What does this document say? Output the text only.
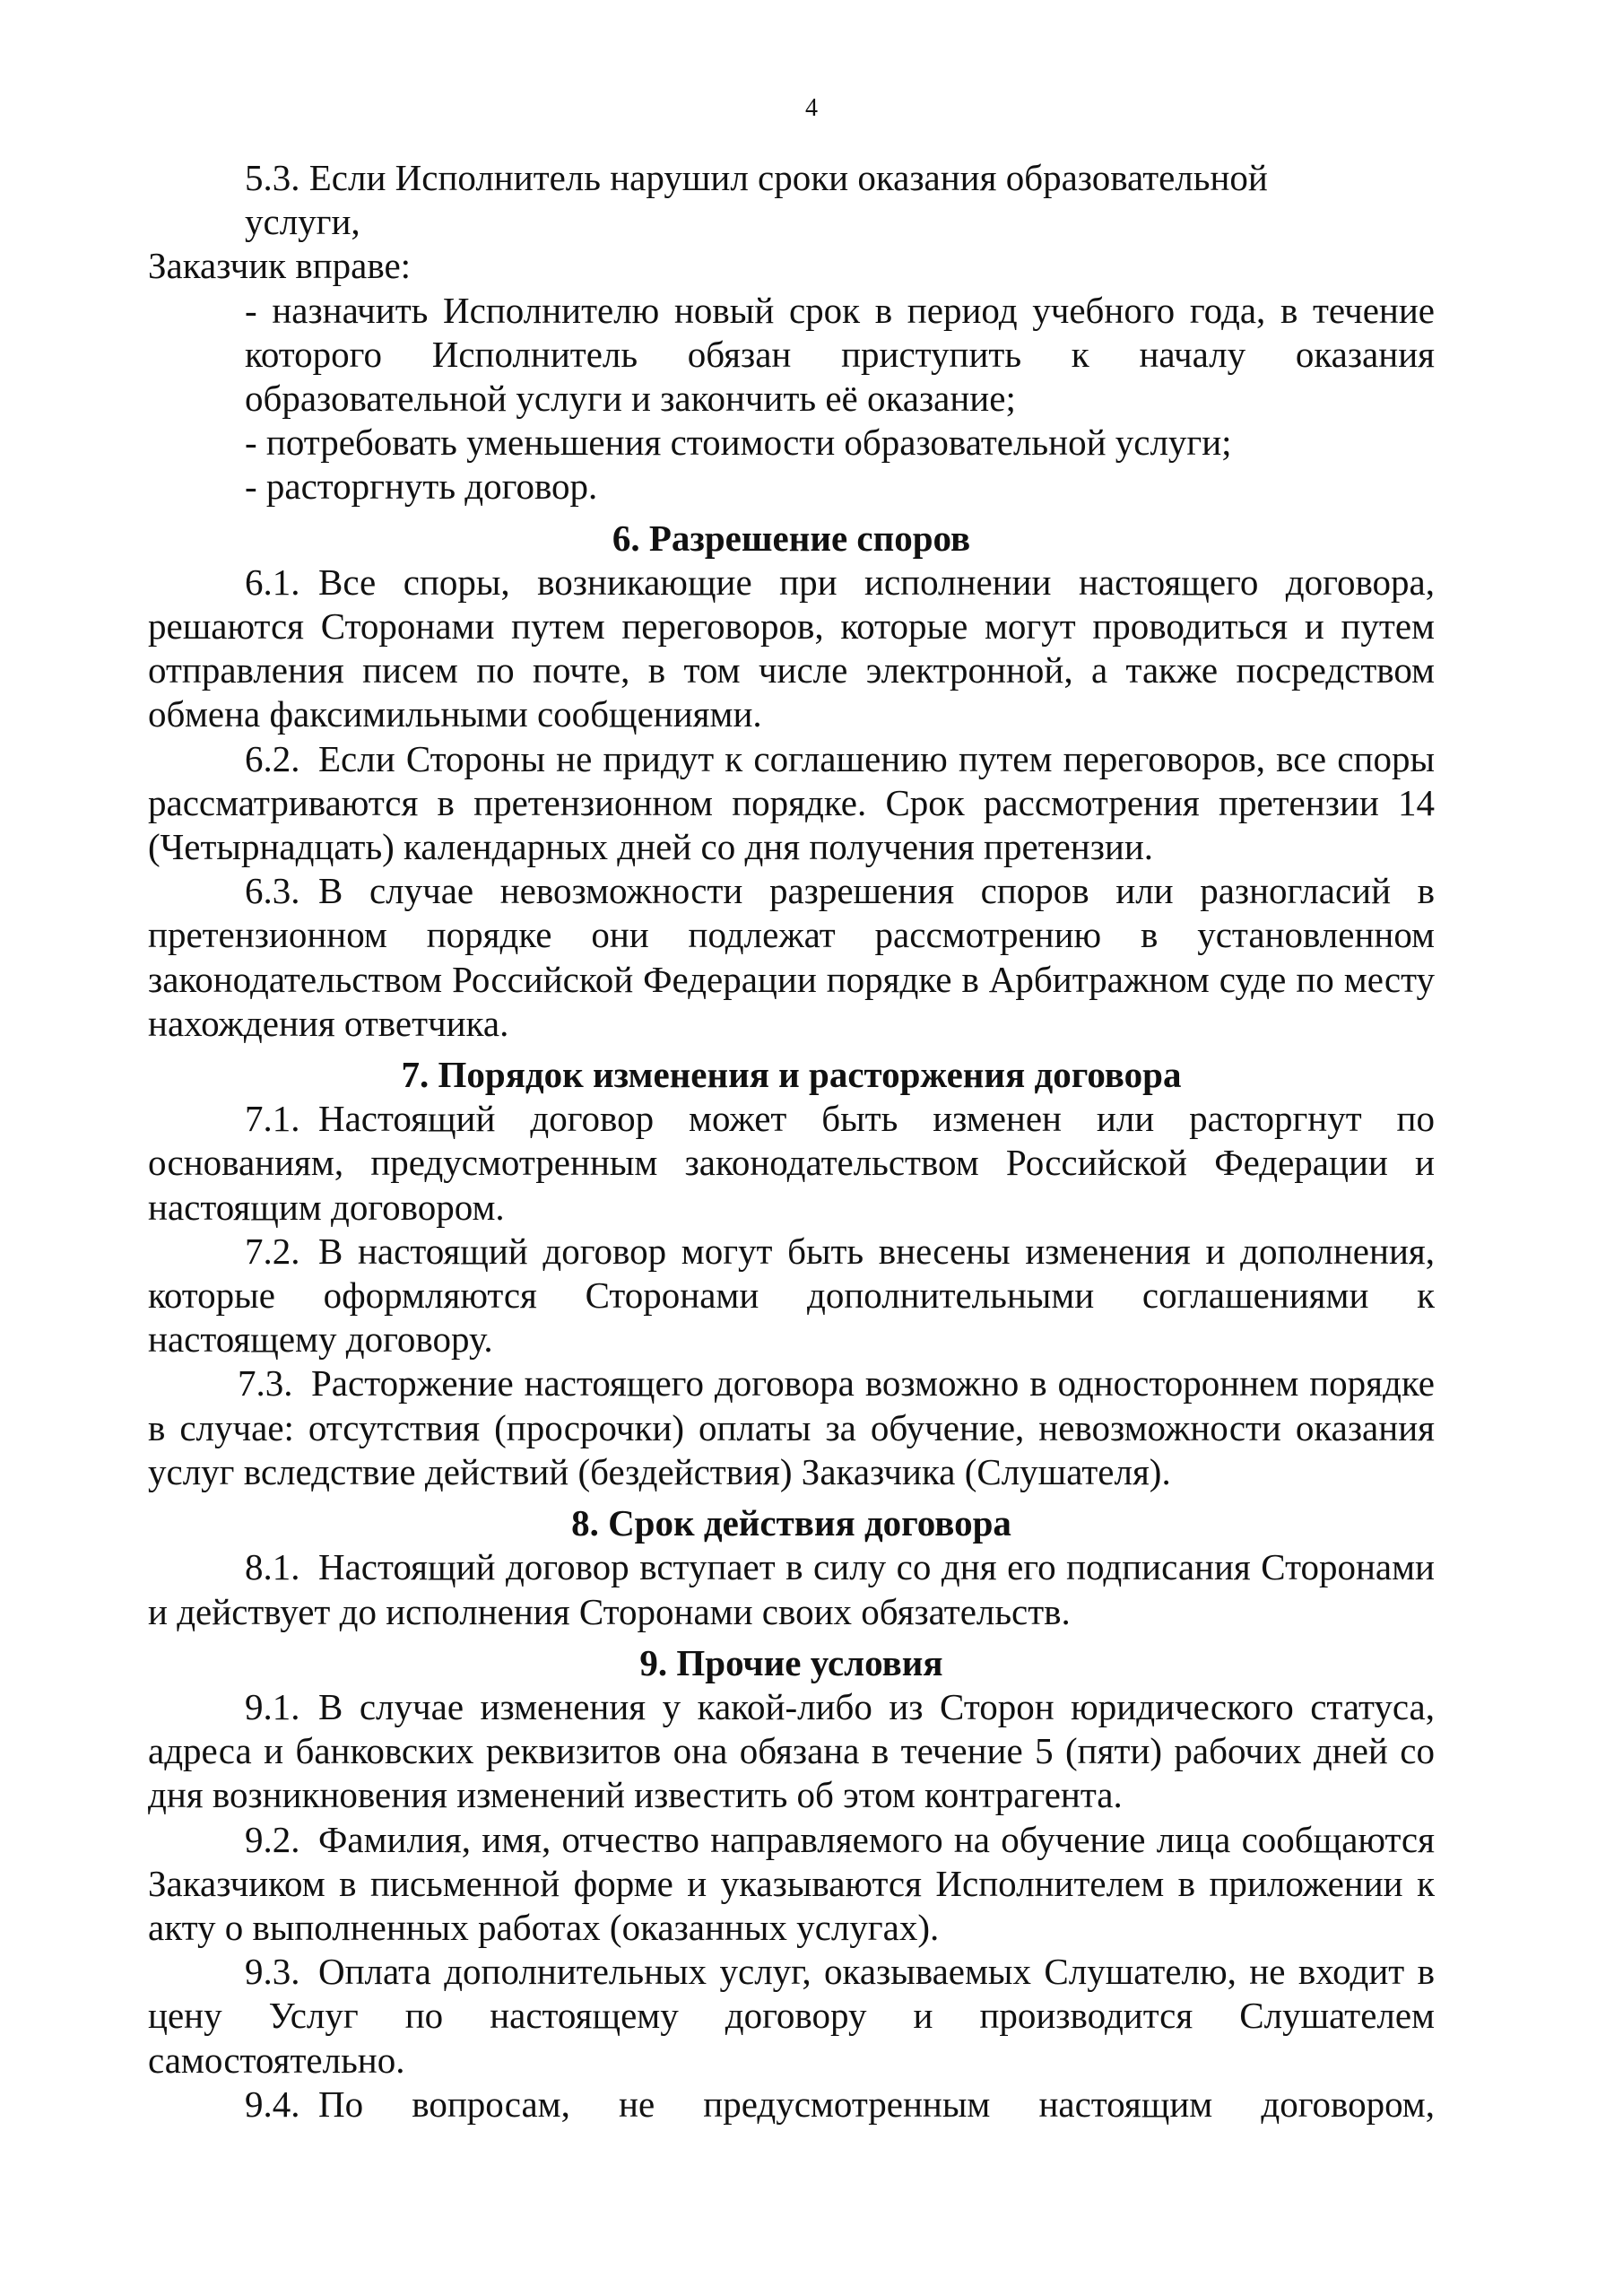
4

5.3. Если Исполнитель нарушил сроки оказания образовательной

услуги,

Заказчик вправе:

- назначить Исполнителю новый срок в период учебного года, в течение которого Исполнитель обязан приступить к началу оказания образовательной услуги и закончить её оказание;

- потребовать уменьшения стоимости образовательной услуги;

- расторгнуть договор.

6. Разрешение споров

6.1. Все споры, возникающие при исполнении настоящего договора, решаются Сторонами путем переговоров, которые могут проводиться и путем отправления писем по почте, в том числе электронной, а также посредством обмена факсимильными сообщениями.

6.2. Если Стороны не придут к соглашению путем переговоров, все споры рассматриваются в претензионном порядке. Срок рассмотрения претензии 14 (Четырнадцать) календарных дней со дня получения претензии.

6.3. В случае невозможности разрешения споров или разногласий в претензионном порядке они подлежат рассмотрению в установленном законодательством Российской Федерации порядке в Арбитражном суде по месту нахождения ответчика.

7. Порядок изменения и расторжения договора

7.1. Настоящий договор может быть изменен или расторгнут по основаниям, предусмотренным законодательством Российской Федерации и настоящим договором.

7.2. В настоящий договор могут быть внесены изменения и дополнения, которые оформляются Сторонами дополнительными соглашениями к настоящему договору.

7.3. Расторжение настоящего договора возможно в одностороннем порядке в случае: отсутствия (просрочки) оплаты за обучение, невозможности оказания услуг вследствие действий (бездействия) Заказчика (Слушателя).

8. Срок действия договора

8.1. Настоящий договор вступает в силу со дня его подписания Сторонами и действует до исполнения Сторонами своих обязательств.

9. Прочие условия

9.1. В случае изменения у какой-либо из Сторон юридического статуса, адреса и банковских реквизитов она обязана в течение 5 (пяти) рабочих дней со дня возникновения изменений известить об этом контрагента.

9.2. Фамилия, имя, отчество направляемого на обучение лица сообщаются Заказчиком в письменной форме и указываются Исполнителем в приложении к акту о выполненных работах (оказанных услугах).

9.3. Оплата дополнительных услуг, оказываемых Слушателю, не входит в цену Услуг по настоящему договору и производится Слушателем самостоятельно.

9.4. По вопросам, не предусмотренным настоящим договором,
